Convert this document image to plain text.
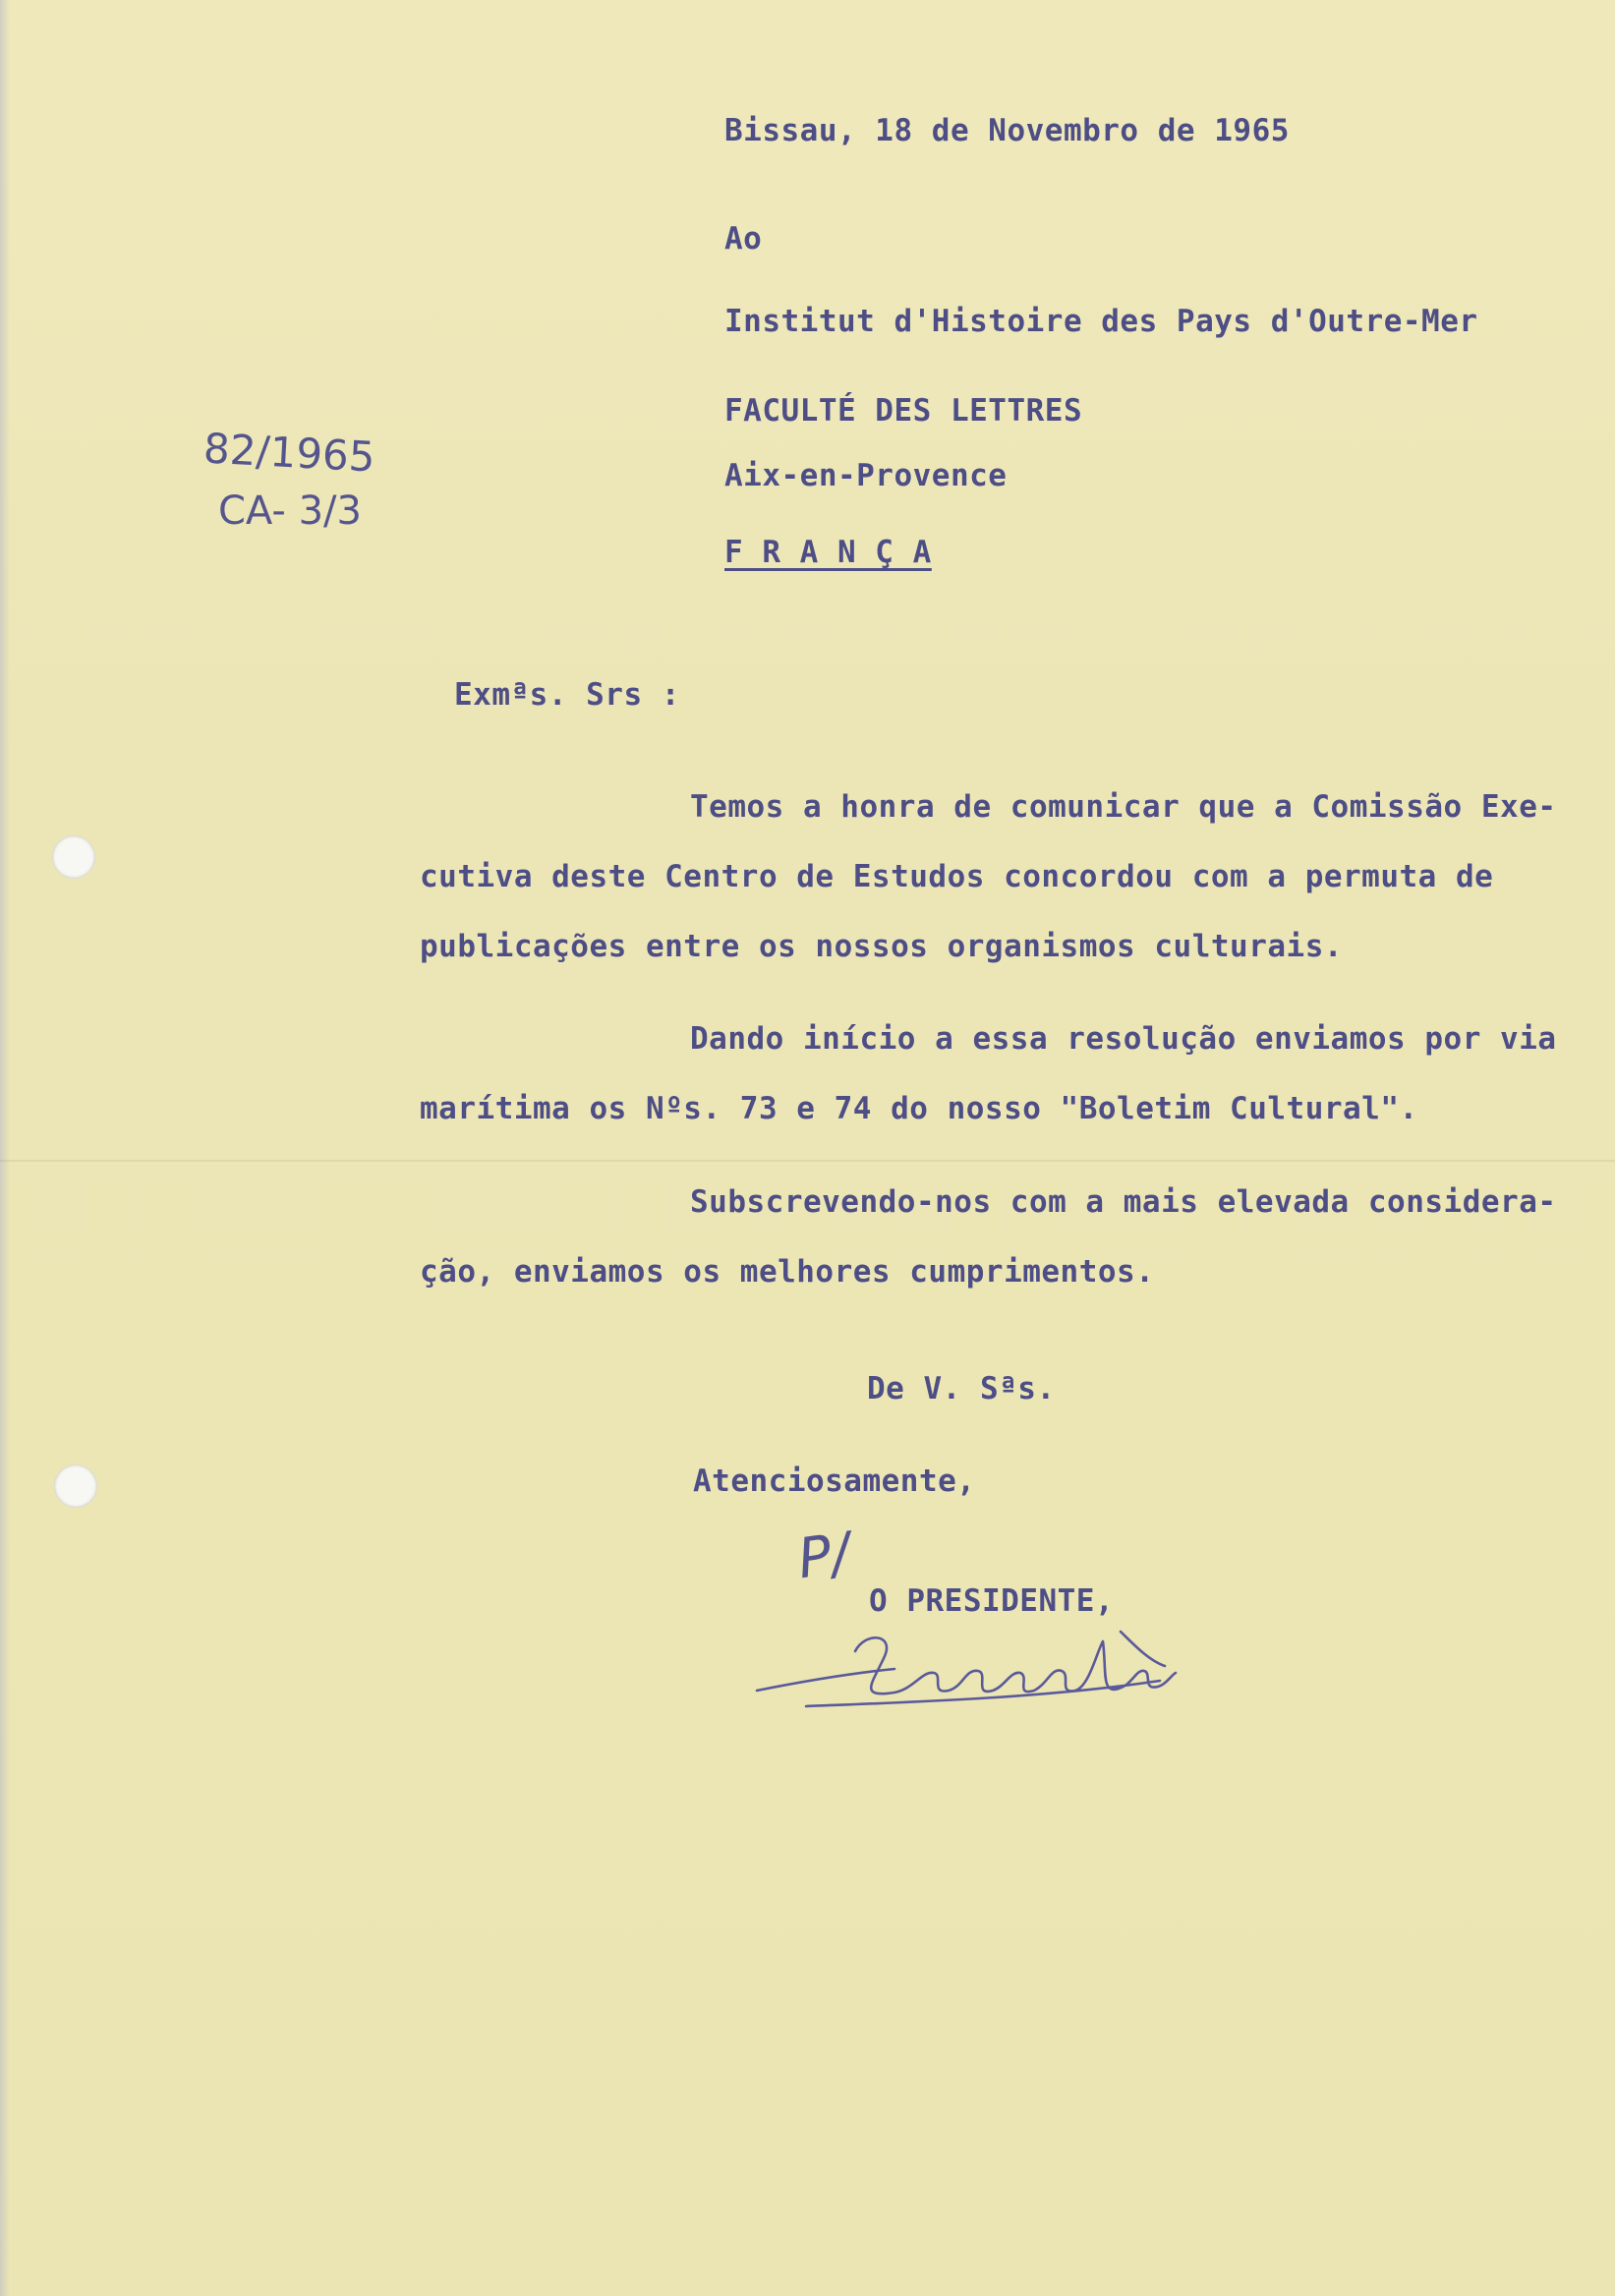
Bissau, 18 de Novembro de 1965
Ao
Institut d'Histoire des Pays d'Outre-Mer
FACULTÉ DES LETTRES
Aix-en-Provence
F R A N Ç A
82/1965
CA- 3/3
Exmªs. Srs :
Temos a honra de comunicar que a Comissão Exe-
cutiva deste Centro de Estudos concordou com a permuta de
publicações entre os nossos organismos culturais.
Dando início a essa resolução enviamos por via
marítima os Nºs. 73 e 74 do nosso "Boletim Cultural".
Subscrevendo-nos com a mais elevada considera-
ção, enviamos os melhores cumprimentos.
De V. Sªs.
Atenciosamente,
P/
O PRESIDENTE,
